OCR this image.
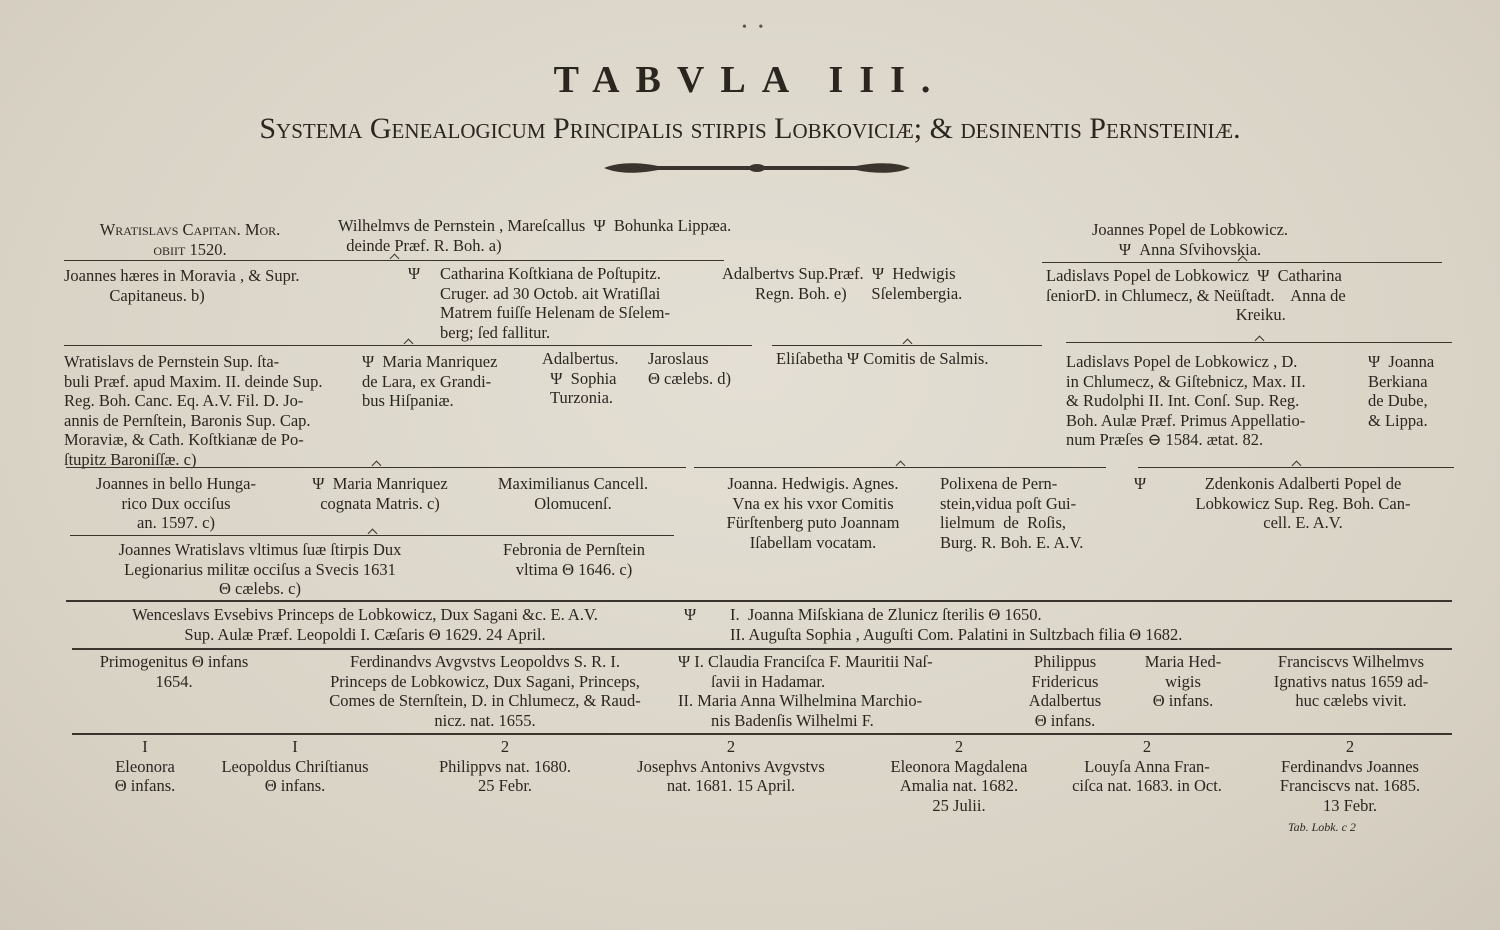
• •
TABVLA III.
Systema Genealogicum Principalis ſtirpis Lobkoviciæ; & deſinentis Pernsteiniæ.
Wratislavs Capitan. Mor.
obiit 1520.
Wilhelmvs de Pernstein , Mareſcallus  Ψ  Bohunka Lippæa.
deinde Præf. R. Boh. a)
Joannes Popel de Lobkowicz.
Ψ  Anna Sſvihovskia.
Joannes hæres in Moravia , & Supr.
Capitaneus. b)
Ψ	Catharina Koſtkiana de Poſtupitz.
Cruger. ad 30 Octob. ait Wratiſlai
Matrem fuiſſe Helenam de Sſelem-
berg; ſed fallitur.
Adalbertvs Sup.Præf.  Ψ  Hedwigis
Regn. Boh. e)      Sſelembergia.
Ladislavs Popel de Lobkowicz  Ψ  Catharina
ſeniorD. in Chlumecz, & Neüſtadt.    Anna de
Kreiku.
Wratislavs de Pernstein Sup. ſta-
buli Præf. apud Maxim. II. deinde Sup.
Reg. Boh. Canc. Eq. A.V. Fil. D. Jo-
annis de Pernſtein, Baronis Sup. Cap.
Moraviæ, & Cath. Koſtkianæ de Po-
ſtupitz Baroniſſæ. c)
Ψ  Maria Manriquez
de Lara, ex Grandi-
bus Hiſpaniæ.
Adalbertus.
Ψ  Sophia
Turzonia.
Jaroslaus
Θ cælebs. d)
Eliſabetha Ψ Comitis de Salmis.	Ladislavs Popel de Lobkowicz , D.
in Chlumecz, & Giſtebnicz, Max. II.
& Rudolphi II. Int. Conſ. Sup. Reg.
Boh. Aulæ Præf. Primus Appellatio-
num Præſes ⊖ 1584. ætat. 82.
Ψ  Joanna
Berkiana
de Dube,
& Lippa.
Joannes in bello Hunga-
rico Dux occiſus
an. 1597. c)
Ψ  Maria Manriquez
cognata Matris. c)
Maximilianus Cancell.
Olomucenſ.
Joanna. Hedwigis. Agnes.
Vna ex his vxor Comitis
Fürſtenberg puto Joannam
Iſabellam vocatam.
Polixena de Pern-
stein,vidua poſt Gui-
lielmum  de  Roſis,
Burg. R. Boh. E. A.V.
Ψ	Zdenkonis Adalberti Popel de
Lobkowicz Sup. Reg. Boh. Can-
cell. E. A.V.
Joannes Wratislavs vltimus ſuæ ſtirpis Dux
Legionarius militæ occiſus a Svecis 1631
Θ cælebs. c)
Febronia de Pernſtein
vltima Θ 1646. c)
Wenceslavs Evsebivs Princeps de Lobkowicz, Dux Sagani &c. E. A.V.
Sup. Aulæ Præf. Leopoldi I. Cæſaris Θ 1629. 24 April.
Ψ	I.  Joanna Miſskiana de Zlunicz ſterilis Θ 1650.
II. Auguſta Sophia , Auguſti Com. Palatini in Sultzbach filia Θ 1682.
Primogenitus Θ infans
1654.
Ferdinandvs Avgvstvs Leopoldvs S. R. I.
Princeps de Lobkowicz, Dux Sagani, Princeps,
Comes de Sternſtein, D. in Chlumecz, & Raud-
nicz. nat. 1655.
Ψ I. Claudia Franciſca F. Mauritii Naſ-
ſavii in Hadamar.
II. Maria Anna Wilhelmina Marchio-
nis Badenſis Wilhelmi F.
Philippus
Fridericus
Adalbertus
Θ infans.
Maria Hed-
wigis
Θ infans.
Franciscvs Wilhelmvs
Ignativs natus 1659 ad-
huc cælebs vivit.
I
Eleonora
Θ infans.
I
Leopoldus Chriſtianus
Θ infans.
2
Philippvs nat. 1680.
25 Febr.
2
Josephvs Antonivs Avgvstvs
nat. 1681. 15 April.
2
Eleonora Magdalena
Amalia nat. 1682.
25 Julii.
2
Louyſa Anna Fran-
ciſca nat. 1683. in Oct.
2
Ferdinandvs Joannes
Franciscvs nat. 1685.
13 Febr.
Tab. Lobk. c 2
